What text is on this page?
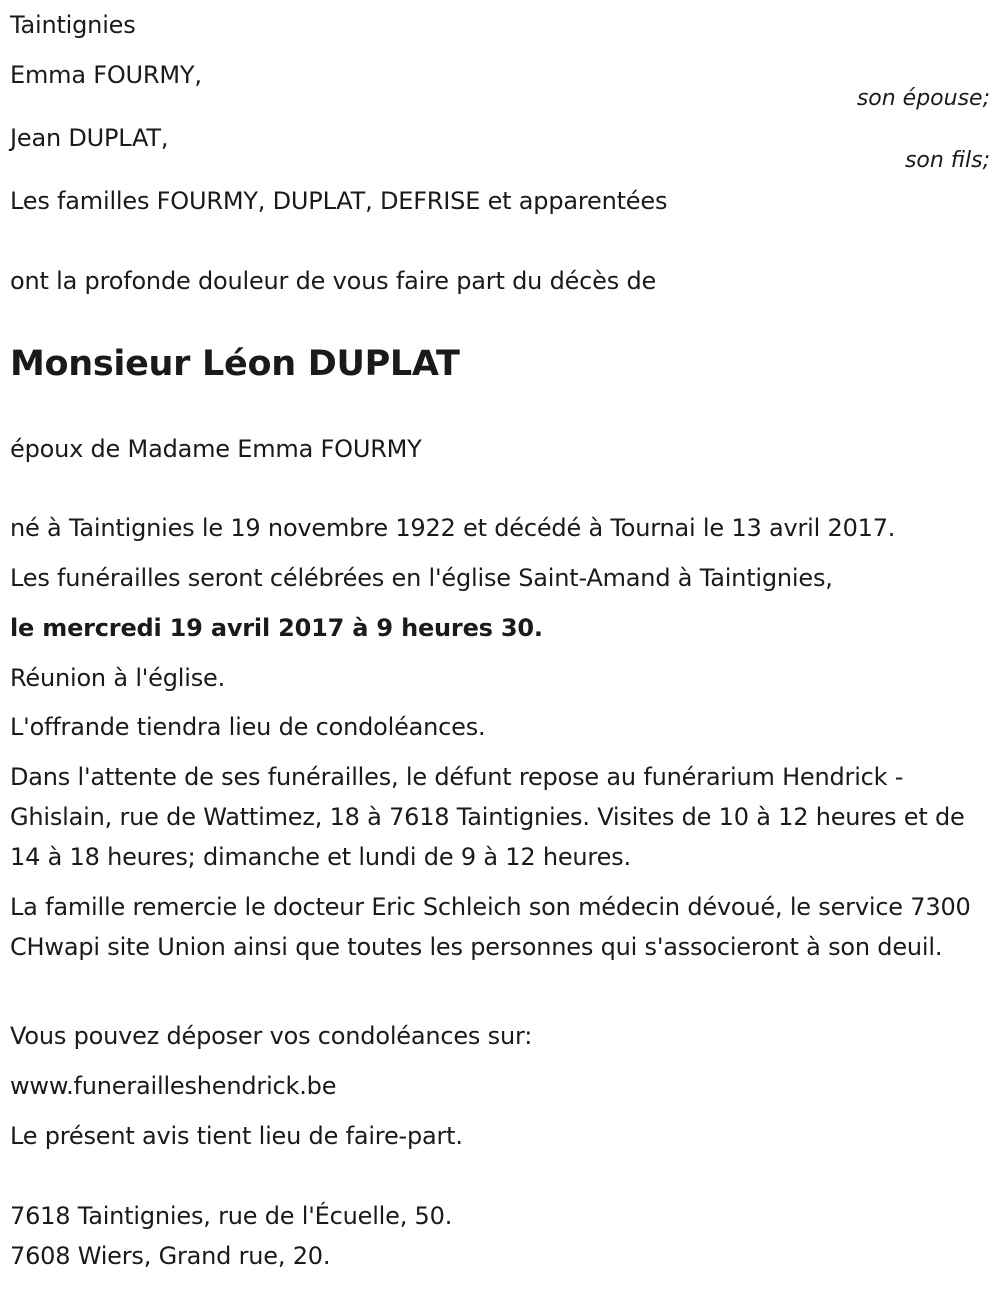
Taintignies
Emma FOURMY,
son épouse;
Jean DUPLAT,
son fils;
Les familles FOURMY, DUPLAT, DEFRISE et apparentées
ont la profonde douleur de vous faire part du décès de
Monsieur Léon DUPLAT
époux de Madame Emma FOURMY
né à Taintignies le 19 novembre 1922 et décédé à Tournai le 13 avril 2017.
Les funérailles seront célébrées en l'église Saint-Amand à Taintignies,
le mercredi 19 avril 2017 à 9 heures 30.
Réunion à l'église.
L'offrande tiendra lieu de condoléances.
Dans l'attente de ses funérailles, le défunt repose au funérarium Hendrick - Ghislain, rue de Wattimez, 18 à 7618 Taintignies. Visites de 10 à 12 heures et de 14 à 18 heures; dimanche et lundi de 9 à 12 heures.
La famille remercie le docteur Eric Schleich son médecin dévoué, le service 7300 CHwapi site Union ainsi que toutes les personnes qui s'associeront à son deuil.
Vous pouvez déposer vos condoléances sur:
www.funerailleshendrick.be
Le présent avis tient lieu de faire-part.
7618 Taintignies, rue de l'Écuelle, 50.
7608 Wiers, Grand rue, 20.
